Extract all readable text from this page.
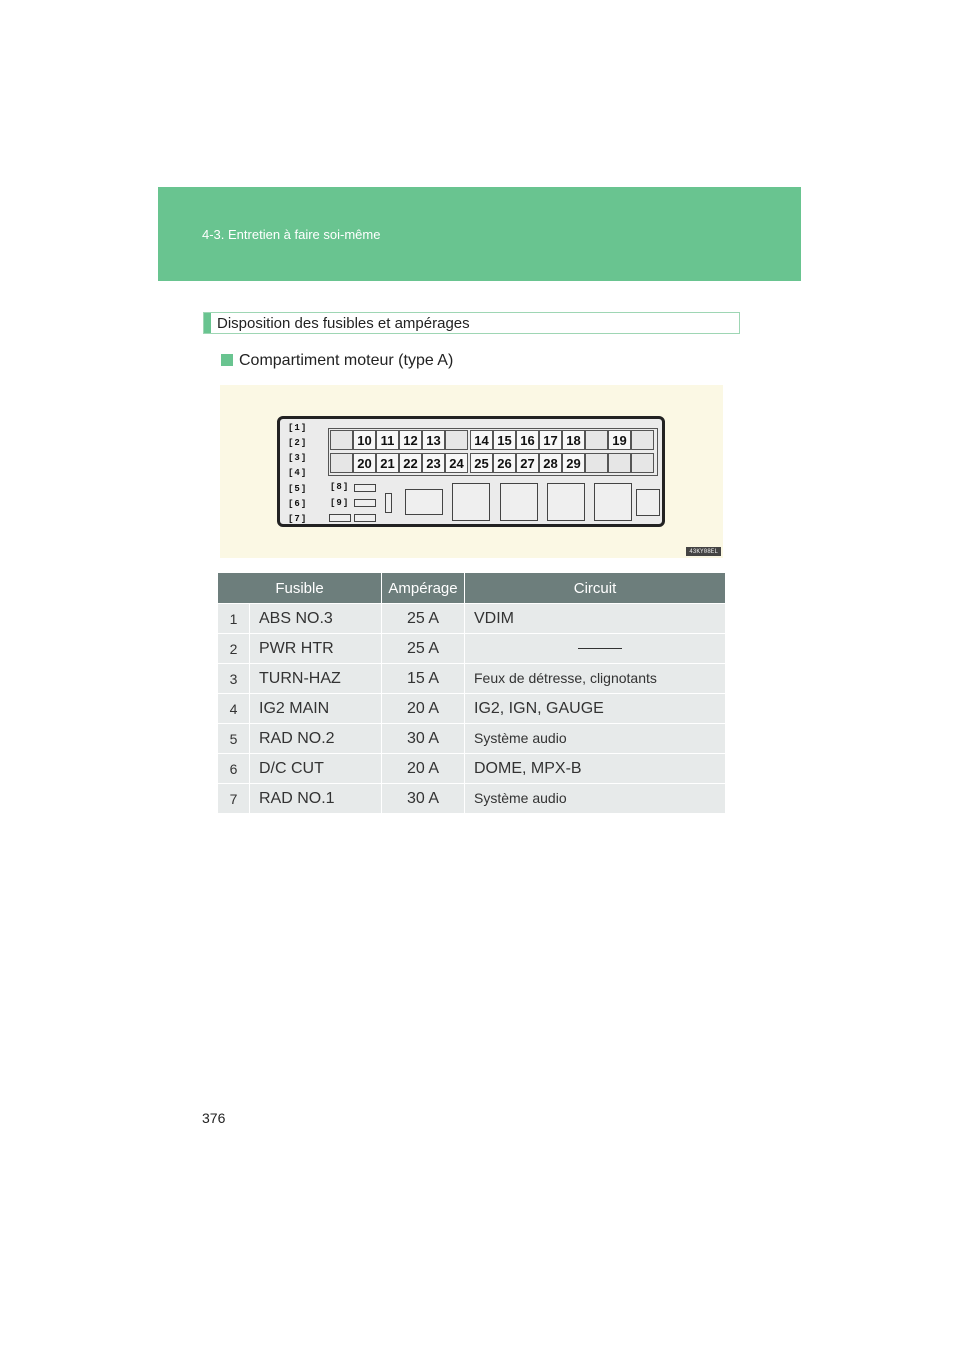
4-3. Entretien à faire soi-même
Disposition des fusibles et ampérages
Compartiment moteur (type A)
[1]
[2]
[3]
[4]
[5]
[6]
[7]
[8]
[9]
10 11 12 13	14 15 16 17 18	19
20 21 22 23 24 25 26 27 28 29
43KY08EL
Fusible		Ampérage	Circuit
1	ABS NO.3	25 A	VDIM
2	PWR HTR	25 A	
3	TURN-HAZ	15 A	Feux de détresse, clignotants
4	IG2 MAIN	20 A	IG2, IGN, GAUGE
5	RAD NO.2	30 A	Système audio
6	D/C CUT	20 A	DOME, MPX-B
7	RAD NO.1	30 A	Système audio
376
